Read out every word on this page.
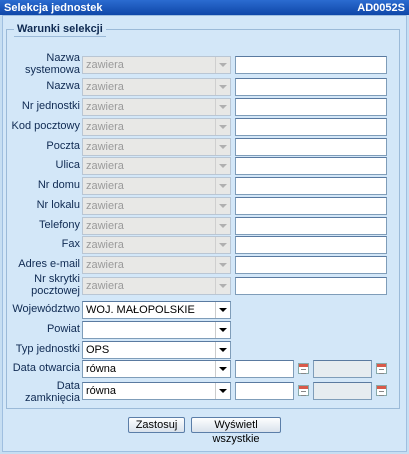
Selekcja jednostek	AD0052S
Warunki selekcji
Nazwa
systemowa zawiera
Nazwa zawiera
Nr jednostki zawiera
Kod pocztowy zawiera
Poczta zawiera
Ulica zawiera
Nr domu zawiera
Nr lokalu zawiera
Telefony zawiera
Fax zawiera
Adres e-mail zawiera
Nr skrytki
pocztowej zawiera
Województwo WOJ. MAŁOPOLSKIE
Powiat
Typ jednostki OPS
Data otwarcia równa
Data
zamknięcia
równa
Zastosuj	Wyświetl wszystkie
